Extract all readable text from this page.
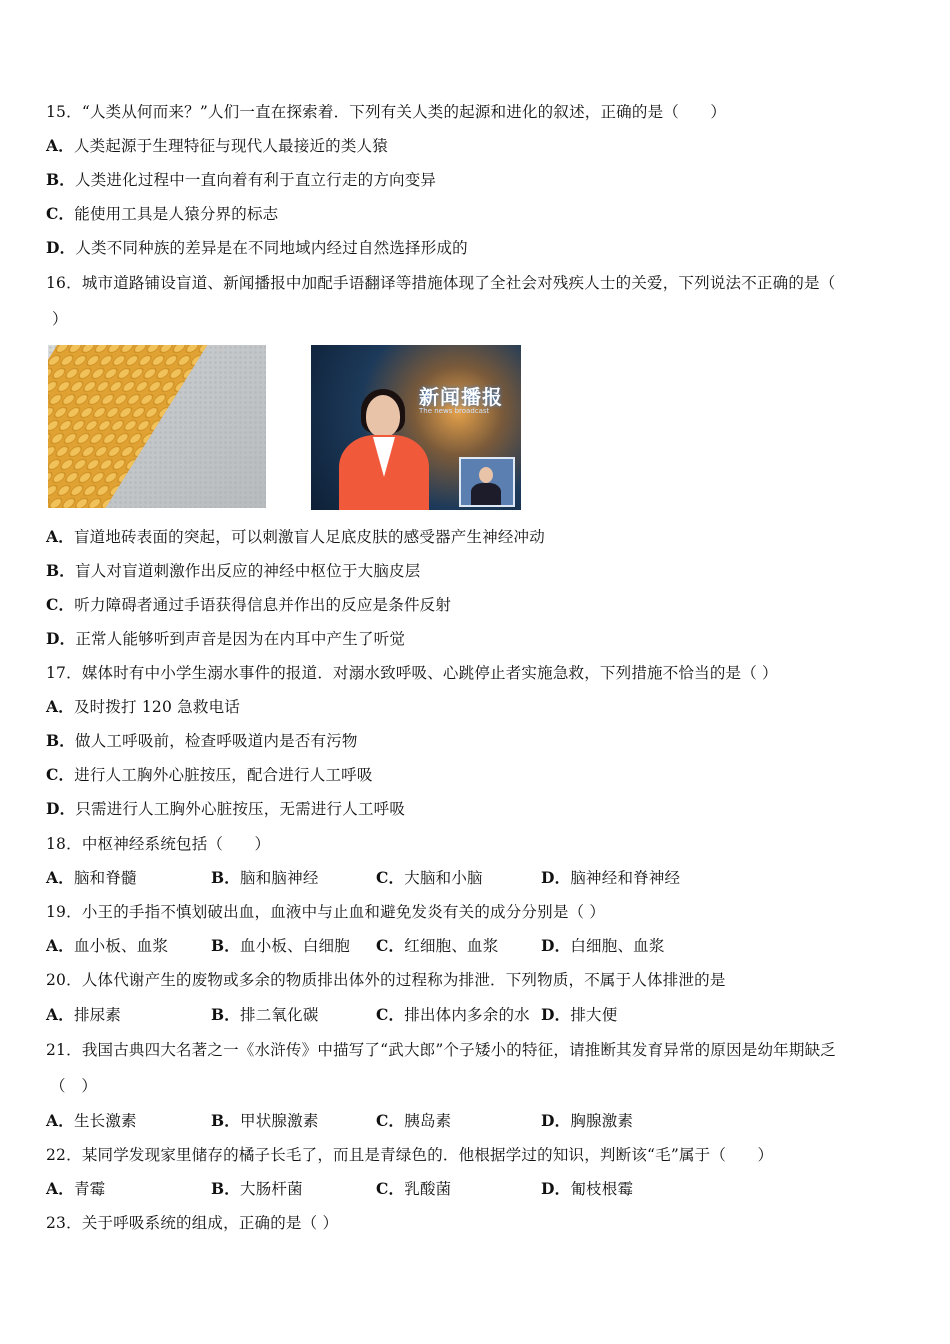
15．“人类从何而来？”人们一直在探索着．下列有关人类的起源和进化的叙述，正确的是（　　）
A．人类起源于生理特征与现代人最接近的类人猿
B．人类进化过程中一直向着有利于直立行走的方向变异
C．能使用工具是人猿分界的标志
D．人类不同种族的差异是在不同地域内经过自然选择形成的
16．城市道路铺设盲道、新闻播报中加配手语翻译等措施体现了全社会对残疾人士的关爱，下列说法不正确的是（
）
新闻播报
The news broadcast
A．盲道地砖表面的突起，可以刺激盲人足底皮肤的感受器产生神经冲动
B．盲人对盲道刺激作出反应的神经中枢位于大脑皮层
C．听力障碍者通过手语获得信息并作出的反应是条件反射
D．正常人能够听到声音是因为在内耳中产生了听觉
17．媒体时有中小学生溺水事件的报道．对溺水致呼吸、心跳停止者实施急救，下列措施不恰当的是（ ）
A．及时拨打 120 急救电话
B．做人工呼吸前，检查呼吸道内是否有污物
C．进行人工胸外心脏按压，配合进行人工呼吸
D．只需进行人工胸外心脏按压，无需进行人工呼吸
18．中枢神经系统包括（　　）
A．脑和脊髓	B．脑和脑神经	C．大脑和小脑	D．脑神经和脊神经
19．小王的手指不慎划破出血，血液中与止血和避免发炎有关的成分分别是（ ）
A．血小板、血浆	B．血小板、白细胞 C．红细胞、血浆	D．白细胞、血浆
20．人体代谢产生的废物或多余的物质排出体外的过程称为排泄．下列物质，不属于人体排泄的是
A．排尿素	B．排二氧化碳	C．排出体内多余的水 D．排大便
21．我国古典四大名著之一《水浒传》中描写了“武大郎”个子矮小的特征，请推断其发育异常的原因是幼年期缺乏
（　）
A．生长激素	B．甲状腺激素	C．胰岛素	D．胸腺激素
22．某同学发现家里储存的橘子长毛了，而且是青绿色的．他根据学过的知识，判断该“毛”属于（　　）
A．青霉	B．大肠杆菌	C．乳酸菌	D．匍枝根霉
23．关于呼吸系统的组成，正确的是（ ）
